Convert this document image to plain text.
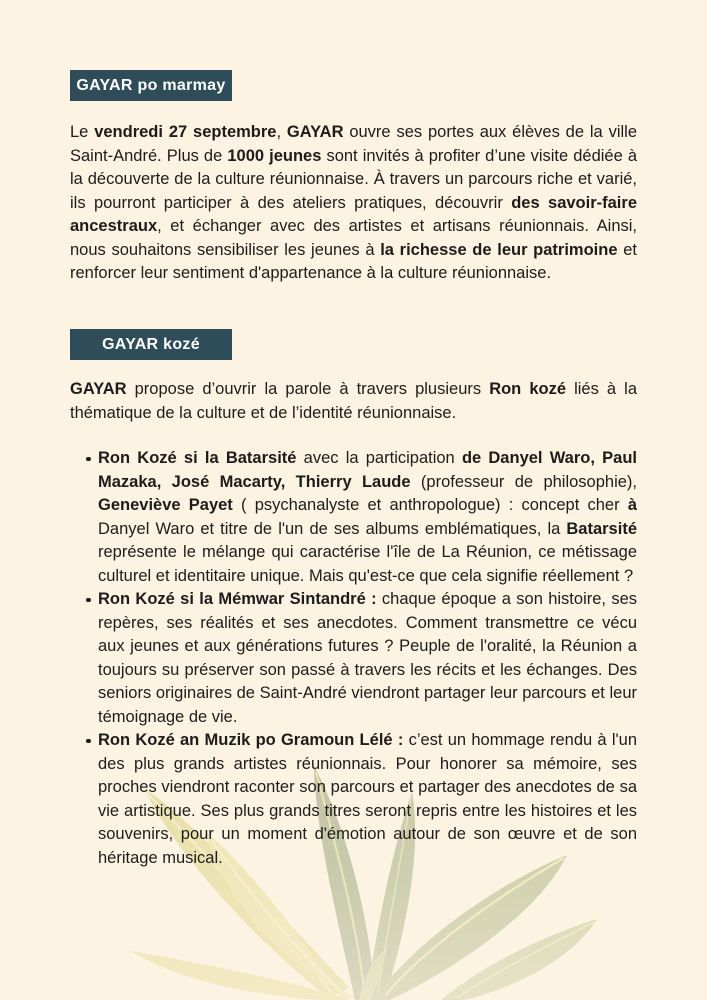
GAYAR po marmay

Le vendredi 27 septembre, GAYAR ouvre ses portes aux élèves de la ville Saint-André. Plus de 1000 jeunes sont invités à profiter d’une visite dédiée à la découverte de la culture réunionnaise. À travers un parcours riche et varié, ils pourront participer à des ateliers pratiques, découvrir des savoir-faire ancestraux, et échanger avec des artistes et artisans réunionnais. Ainsi, nous souhaitons sensibiliser les jeunes à la richesse de leur patrimoine et renforcer leur sentiment d'appartenance à la culture réunionnaise.

GAYAR kozé

GAYAR propose d’ouvrir la parole à travers plusieurs Ron kozé liés à la thématique de la culture et de l’identité réunionnaise.

Ron Kozé si la Batarsité avec la participation de Danyel Waro, Paul Mazaka, José Macarty, Thierry Laude (professeur de philosophie), Geneviève Payet ( psychanalyste et anthropologue) : concept cher à Danyel Waro et titre de l'un de ses albums emblématiques, la Batarsité représente le mélange qui caractérise l'île de La Réunion, ce métissage culturel et identitaire unique. Mais qu'est-ce que cela signifie réellement ?
Ron Kozé si la Mémwar Sintandré : chaque époque a son histoire, ses repères, ses réalités et ses anecdotes. Comment transmettre ce vécu aux jeunes et aux générations futures ? Peuple de l'oralité, la Réunion a toujours su préserver son passé à travers les récits et les échanges. Des seniors originaires de Saint-André viendront partager leur parcours et leur témoignage de vie.
Ron Kozé an Muzik po Gramoun Lélé : c’est un hommage rendu à l'un des plus grands artistes réunionnais. Pour honorer sa mémoire, ses proches viendront raconter son parcours et partager des anecdotes de sa vie artistique. Ses plus grands titres seront repris entre les histoires et les souvenirs, pour un moment d'émotion autour de son œuvre et de son héritage musical.
